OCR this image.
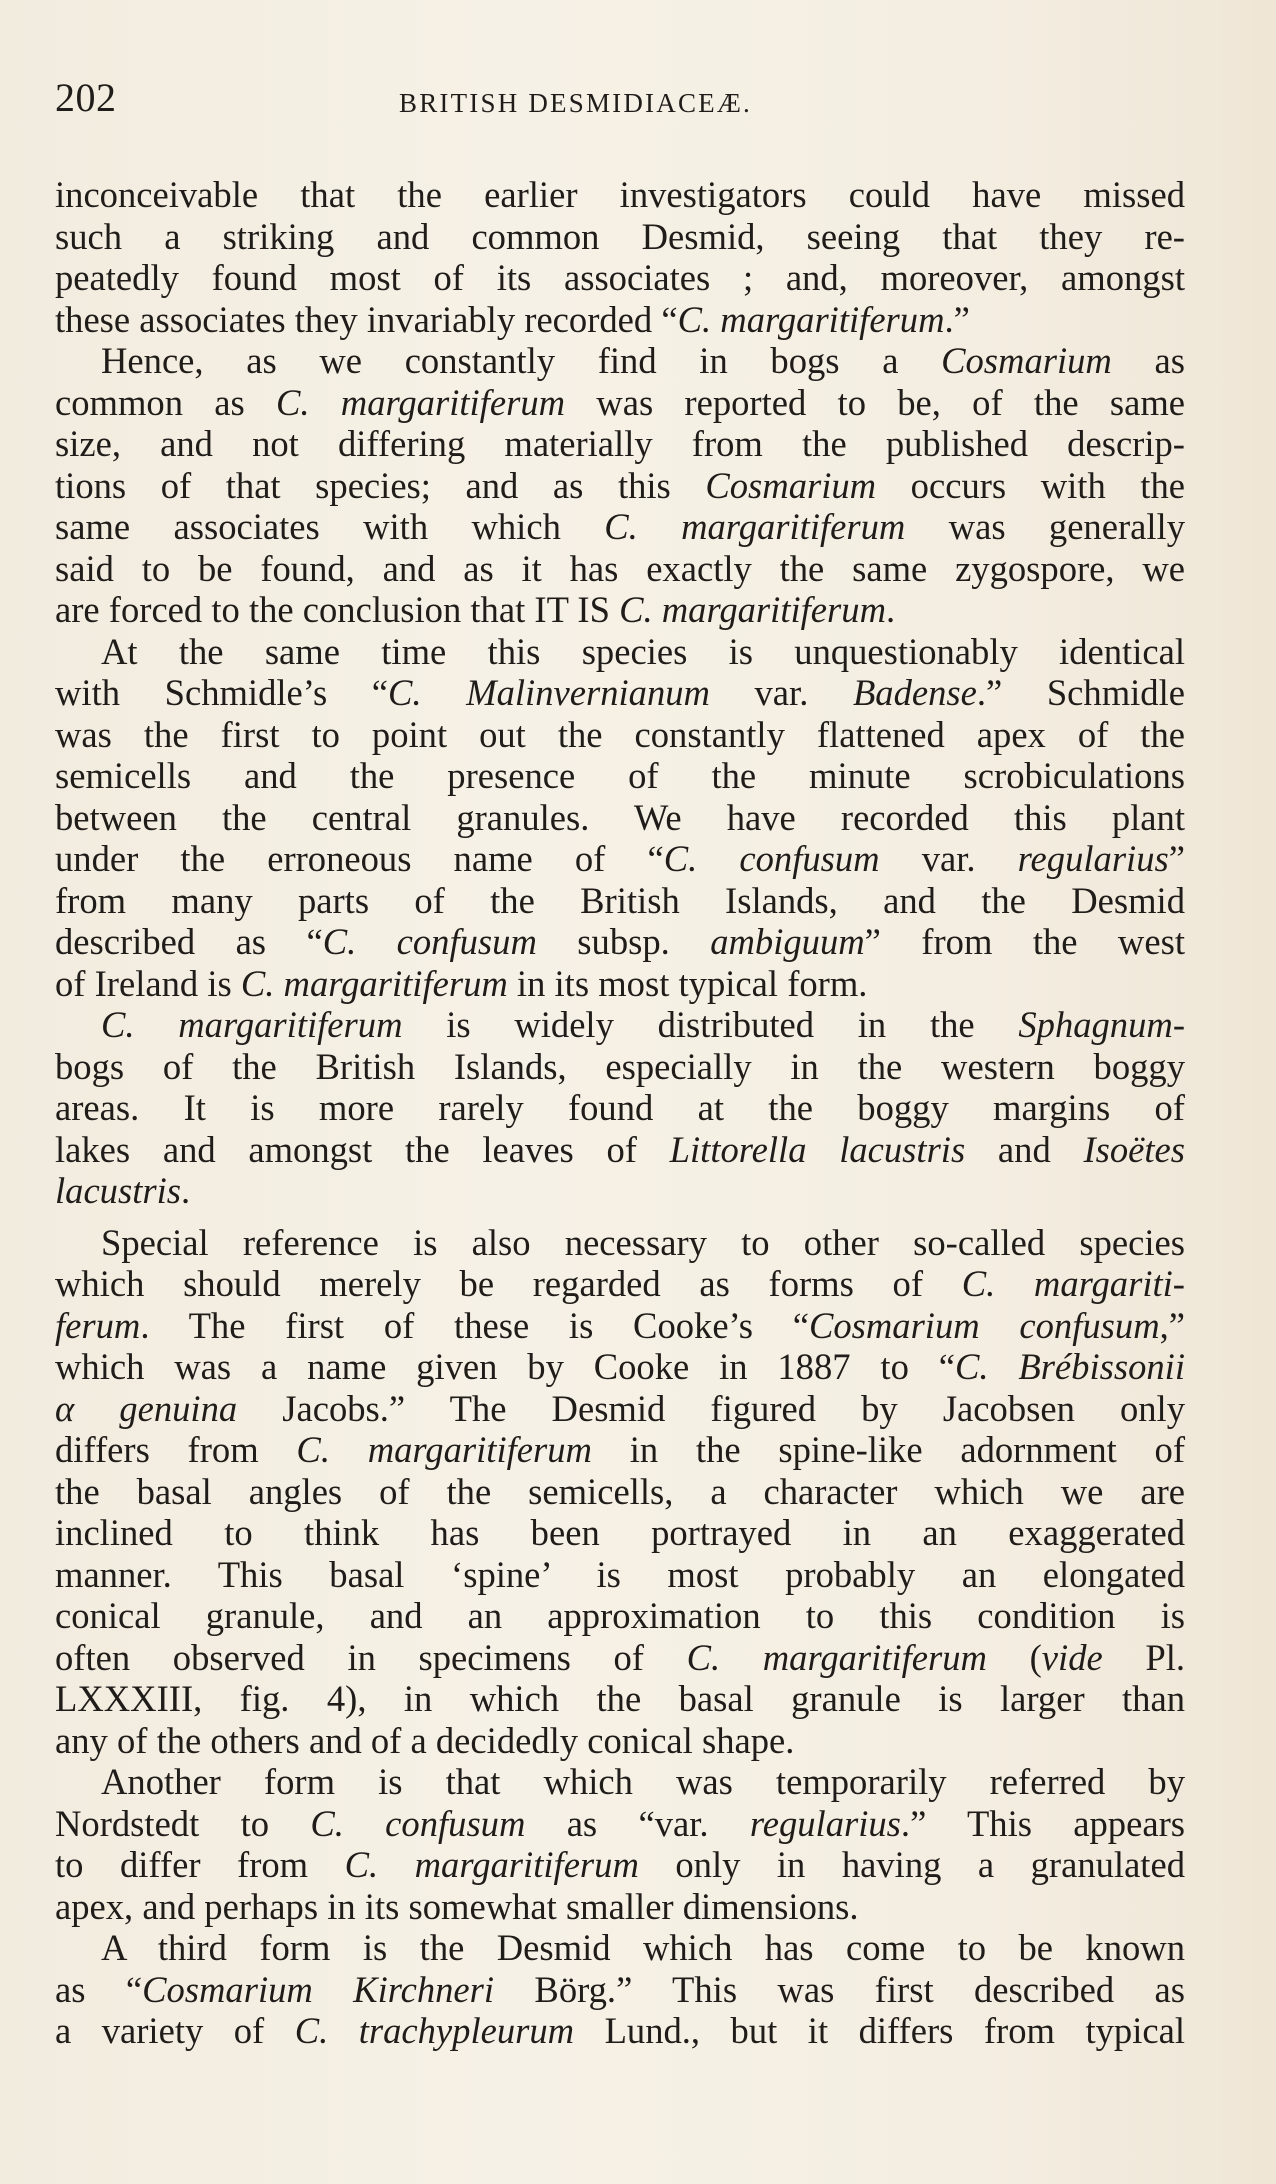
202	BRITISH DESMIDIACEÆ.
inconceivable that the earlier investigators could have missed
such a striking and common Desmid, seeing that they re-
peatedly found most of its associates ; and, moreover, amongst
these associates they invariably recorded “C. margaritiferum.”
Hence, as we constantly find in bogs a Cosmarium as
common as C. margaritiferum was reported to be, of the same
size, and not differing materially from the published descrip-
tions of that species; and as this Cosmarium occurs with the
same associates with which C. margaritiferum was generally
said to be found, and as it has exactly the same zygospore, we
are forced to the conclusion that IT IS C. margaritiferum.
At the same time this species is unquestionably identical
with Schmidle’s “C. Malinvernianum var. Badense.” Schmidle
was the first to point out the constantly flattened apex of the
semicells and the presence of the minute scrobiculations
between the central granules. We have recorded this plant
under the erroneous name of “C. confusum var. regularius”
from many parts of the British Islands, and the Desmid
described as “C. confusum subsp. ambiguum” from the west
of Ireland is C. margaritiferum in its most typical form.
C. margaritiferum is widely distributed in the Sphagnum-
bogs of the British Islands, especially in the western boggy
areas. It is more rarely found at the boggy margins of
lakes and amongst the leaves of Littorella lacustris and Isoëtes
lacustris.
Special reference is also necessary to other so-called species
which should merely be regarded as forms of C. margariti-
ferum. The first of these is Cooke’s “Cosmarium confusum,”
which was a name given by Cooke in 1887 to “C. Brébissonii
α genuina Jacobs.” The Desmid figured by Jacobsen only
differs from C. margaritiferum in the spine-like adornment of
the basal angles of the semicells, a character which we are
inclined to think has been portrayed in an exaggerated
manner. This basal ‘spine’ is most probably an elongated
conical granule, and an approximation to this condition is
often observed in specimens of C. margaritiferum (vide Pl.
LXXXIII, fig. 4), in which the basal granule is larger than
any of the others and of a decidedly conical shape.
Another form is that which was temporarily referred by
Nordstedt to C. confusum as “var. regularius.” This appears
to differ from C. margaritiferum only in having a granulated
apex, and perhaps in its somewhat smaller dimensions.
A third form is the Desmid which has come to be known
as “Cosmarium Kirchneri Börg.” This was first described as
a variety of C. trachypleurum Lund., but it differs from typical
